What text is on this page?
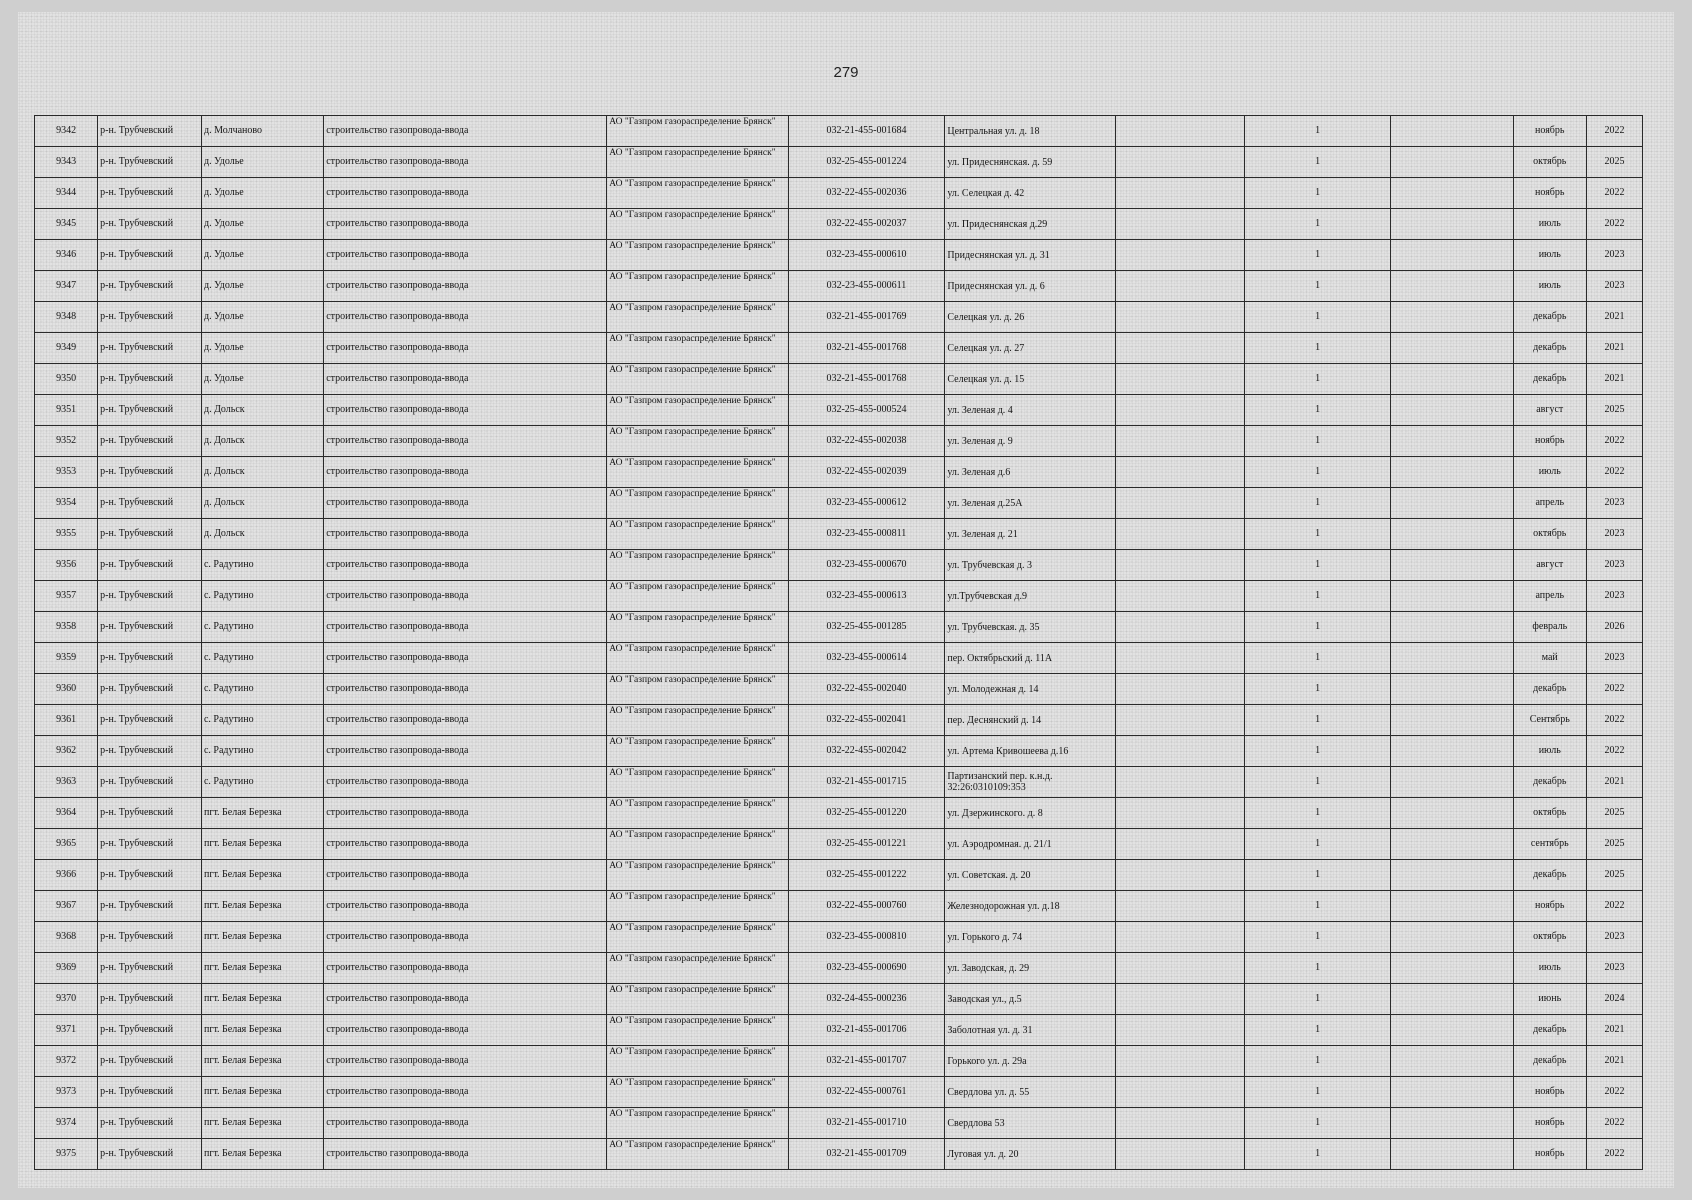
279
9342	р-н. Трубчевский	д. Молчаново	строительство газопровода-ввода	АО "Газпром газораспределение Брянск"	032-21-455-001684	Центральная ул. д. 18		1		ноябрь	2022
9343	р-н. Трубчевский	д. Удолье	строительство газопровода-ввода	АО "Газпром газораспределение Брянск"	032-25-455-001224	ул. Придеснянская. д. 59		1		октябрь	2025
9344	р-н. Трубчевский	д. Удолье	строительство газопровода-ввода	АО "Газпром газораспределение Брянск"	032-22-455-002036	ул. Селецкая д. 42		1		ноябрь	2022
9345	р-н. Трубчевский	д. Удолье	строительство газопровода-ввода	АО "Газпром газораспределение Брянск"	032-22-455-002037	ул. Придеснянская д.29		1		июль	2022
9346	р-н. Трубчевский	д. Удолье	строительство газопровода-ввода	АО "Газпром газораспределение Брянск"	032-23-455-000610	Придеснянская ул. д. 31		1		июль	2023
9347	р-н. Трубчевский	д. Удолье	строительство газопровода-ввода	АО "Газпром газораспределение Брянск"	032-23-455-000611	Придеснянская ул. д. 6		1		июль	2023
9348	р-н. Трубчевский	д. Удолье	строительство газопровода-ввода	АО "Газпром газораспределение Брянск"	032-21-455-001769	Селецкая ул. д. 26		1		декабрь	2021
9349	р-н. Трубчевский	д. Удолье	строительство газопровода-ввода	АО "Газпром газораспределение Брянск"	032-21-455-001768	Селецкая ул. д. 27		1		декабрь	2021
9350	р-н. Трубчевский	д. Удолье	строительство газопровода-ввода	АО "Газпром газораспределение Брянск"	032-21-455-001768	Селецкая ул. д. 15		1		декабрь	2021
9351	р-н. Трубчевский	д. Дольск	строительство газопровода-ввода	АО "Газпром газораспределение Брянск"	032-25-455-000524	ул. Зеленая д. 4		1		август	2025
9352	р-н. Трубчевский	д. Дольск	строительство газопровода-ввода	АО "Газпром газораспределение Брянск"	032-22-455-002038	ул. Зеленая д. 9		1		ноябрь	2022
9353	р-н. Трубчевский	д. Дольск	строительство газопровода-ввода	АО "Газпром газораспределение Брянск"	032-22-455-002039	ул. Зеленая д.6		1		июль	2022
9354	р-н. Трубчевский	д. Дольск	строительство газопровода-ввода	АО "Газпром газораспределение Брянск"	032-23-455-000612	ул. Зеленая д.25А		1		апрель	2023
9355	р-н. Трубчевский	д. Дольск	строительство газопровода-ввода	АО "Газпром газораспределение Брянск"	032-23-455-000811	ул. Зеленая д. 21		1		октябрь	2023
9356	р-н. Трубчевский	с. Радутино	строительство газопровода-ввода	АО "Газпром газораспределение Брянск"	032-23-455-000670	ул. Трубчевская д. 3		1		август	2023
9357	р-н. Трубчевский	с. Радутино	строительство газопровода-ввода	АО "Газпром газораспределение Брянск"	032-23-455-000613	ул.Трубчевская д.9		1		апрель	2023
9358	р-н. Трубчевский	с. Радутино	строительство газопровода-ввода	АО "Газпром газораспределение Брянск"	032-25-455-001285	ул. Трубчевская. д. 35		1		февраль	2026
9359	р-н. Трубчевский	с. Радутино	строительство газопровода-ввода	АО "Газпром газораспределение Брянск"	032-23-455-000614	пер. Октябрьский д. 11А		1		май	2023
9360	р-н. Трубчевский	с. Радутино	строительство газопровода-ввода	АО "Газпром газораспределение Брянск"	032-22-455-002040	ул. Молодежная д. 14		1		декабрь	2022
9361	р-н. Трубчевский	с. Радутино	строительство газопровода-ввода	АО "Газпром газораспределение Брянск"	032-22-455-002041	пер. Деснянский д. 14		1		Сентябрь	2022
9362	р-н. Трубчевский	с. Радутино	строительство газопровода-ввода	АО "Газпром газораспределение Брянск"	032-22-455-002042	ул. Артема Кривошеева д.16		1		июль	2022
9363	р-н. Трубчевский	с. Радутино	строительство газопровода-ввода	АО "Газпром газораспределение Брянск"	032-21-455-001715	Партизанский пер. к.н.д. 32:26:0310109:353		1		декабрь	2021
9364	р-н. Трубчевский	пгт. Белая Березка	строительство газопровода-ввода	АО "Газпром газораспределение Брянск"	032-25-455-001220	ул. Дзержинского. д. 8		1		октябрь	2025
9365	р-н. Трубчевский	пгт. Белая Березка	строительство газопровода-ввода	АО "Газпром газораспределение Брянск"	032-25-455-001221	ул. Аэродромная. д. 21/1		1		сентябрь	2025
9366	р-н. Трубчевский	пгт. Белая Березка	строительство газопровода-ввода	АО "Газпром газораспределение Брянск"	032-25-455-001222	ул. Советская. д. 20		1		декабрь	2025
9367	р-н. Трубчевский	пгт. Белая Березка	строительство газопровода-ввода	АО "Газпром газораспределение Брянск"	032-22-455-000760	Железнодорожная ул. д.18		1		ноябрь	2022
9368	р-н. Трубчевский	пгт. Белая Березка	строительство газопровода-ввода	АО "Газпром газораспределение Брянск"	032-23-455-000810	ул. Горького д. 74		1		октябрь	2023
9369	р-н. Трубчевский	пгт. Белая Березка	строительство газопровода-ввода	АО "Газпром газораспределение Брянск"	032-23-455-000690	ул. Заводская, д. 29		1		июль	2023
9370	р-н. Трубчевский	пгт. Белая Березка	строительство газопровода-ввода	АО "Газпром газораспределение Брянск"	032-24-455-000236	Заводская ул., д.5		1		июнь	2024
9371	р-н. Трубчевский	пгт. Белая Березка	строительство газопровода-ввода	АО "Газпром газораспределение Брянск"	032-21-455-001706	Заболотная ул. д. 31		1		декабрь	2021
9372	р-н. Трубчевский	пгт. Белая Березка	строительство газопровода-ввода	АО "Газпром газораспределение Брянск"	032-21-455-001707	Горького ул. д. 29а		1		декабрь	2021
9373	р-н. Трубчевский	пгт. Белая Березка	строительство газопровода-ввода	АО "Газпром газораспределение Брянск"	032-22-455-000761	Свердлова ул. д. 55		1		ноябрь	2022
9374	р-н. Трубчевский	пгт. Белая Березка	строительство газопровода-ввода	АО "Газпром газораспределение Брянск"	032-21-455-001710	Свердлова 53		1		ноябрь	2022
9375	р-н. Трубчевский	пгт. Белая Березка	строительство газопровода-ввода	АО "Газпром газораспределение Брянск"	032-21-455-001709	Луговая ул. д. 20		1		ноябрь	2022
